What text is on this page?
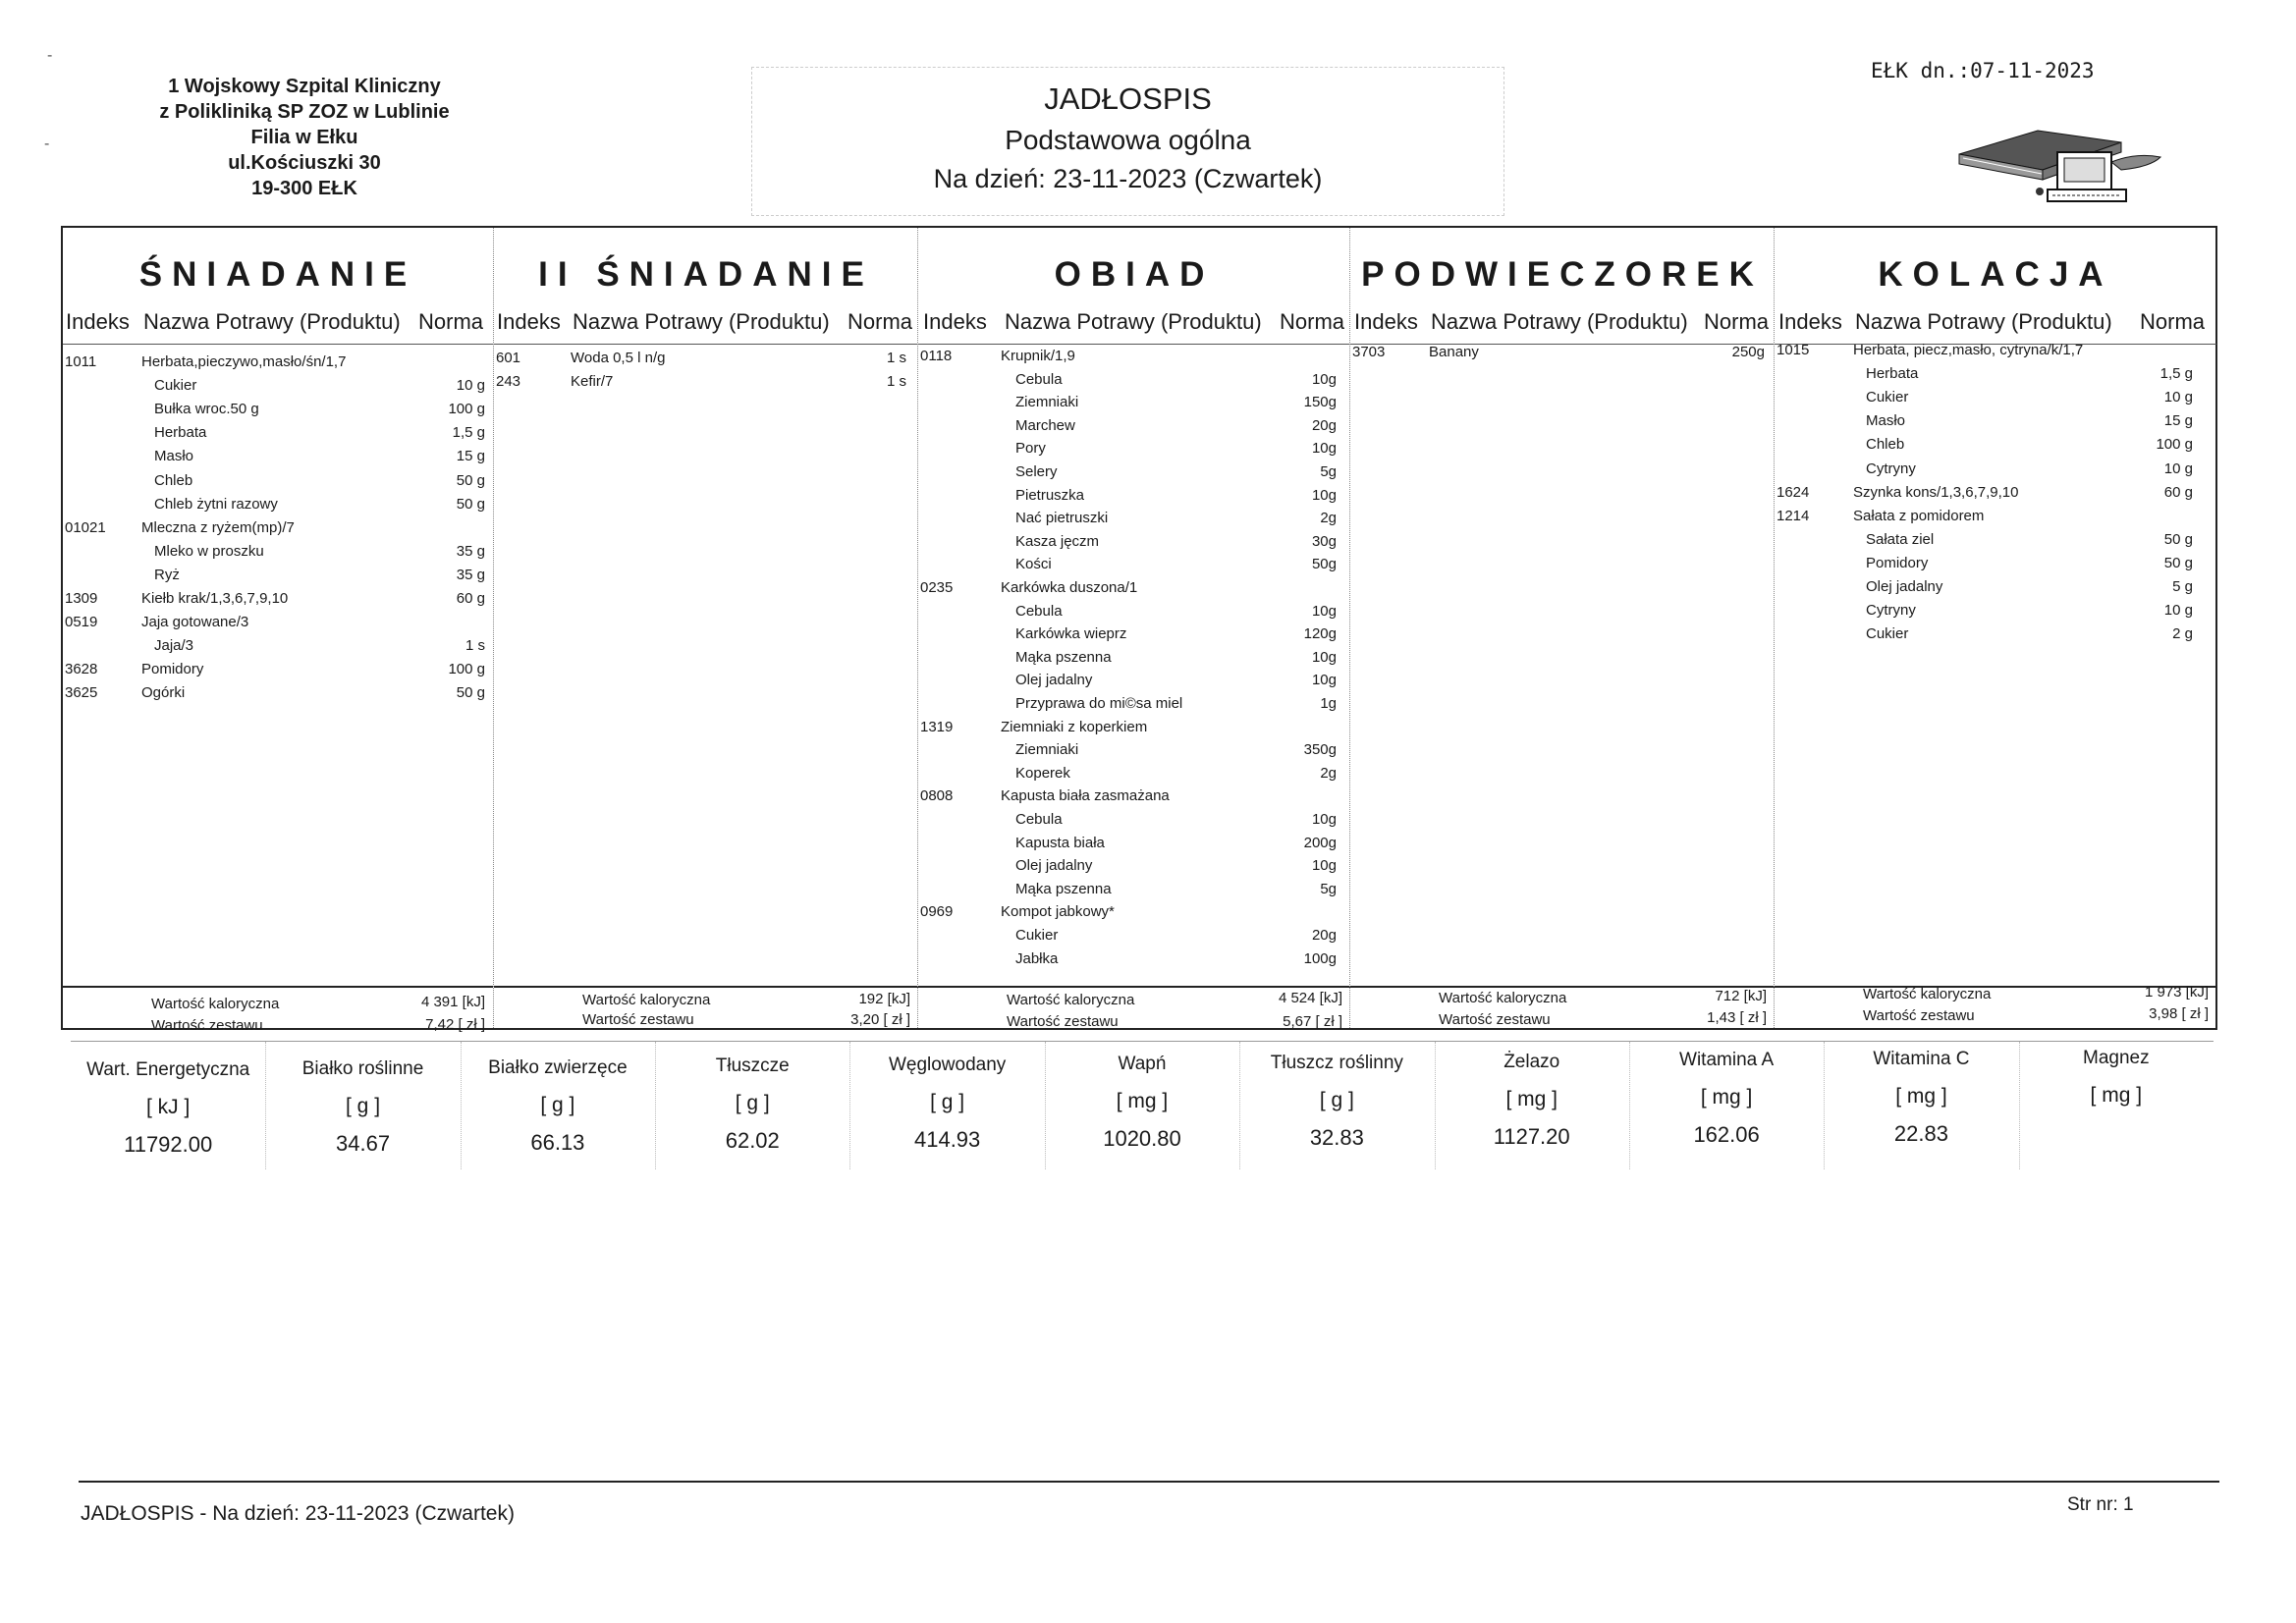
-
-
1 Wojskowy Szpital Kliniczny
z Polikliniką SP ZOZ w Lublinie
Filia w Ełku
ul.Kościuszki 30
19-300 EŁK
JADŁOSPIS
Podstawowa ogólna
Na dzień: 23-11-2023 (Czwartek)
EŁK dn.:07-11-2023
ŚNIADANIE
Indeks Nazwa Potrawy (Produktu) Norma
1011	Herbata,pieczywo,masło/śn/1,7
Cukier	10 g
Bułka wroc.50 g	100 g
Herbata	1,5 g
Masło	15 g
Chleb	50 g
Chleb żytni razowy	50 g
01021 Mleczna z ryżem(mp)/7
Mleko w proszku	35 g
Ryż	35 g
1309	Kiełb krak/1,3,6,7,9,10	60 g
0519	Jaja gotowane/3
Jaja/3	1 s
3628	Pomidory	100 g
3625	Ogórki	50 g
Wartość kaloryczna	4 391 [kJ]
Wartość zestawu	7,42 [ zł ]
II ŚNIADANIE
Indeks Nazwa Potrawy (Produktu) Norma
601	Woda 0,5 l n/g	1 s
243	Kefir/7	1 s
Wartość kaloryczna	192 [kJ]
Wartość zestawu	3,20 [ zł ]
OBIAD
Indeks Nazwa Potrawy (Produktu) Norma
0118	Krupnik/1,9
Cebula	10g
Ziemniaki	150g
Marchew	20g
Pory	10g
Selery	5g
Pietruszka	10g
Nać pietruszki	2g
Kasza jęczm	30g
Kości	50g
0235	Karkówka duszona/1
Cebula	10g
Karkówka wieprz	120g
Mąka pszenna	10g
Olej jadalny	10g
Przyprawa do mi©sa miel	1g
1319	Ziemniaki z koperkiem
Ziemniaki	350g
Koperek	2g
0808	Kapusta biała zasmażana
Cebula	10g
Kapusta biała	200g
Olej jadalny	10g
Mąka pszenna	5g
0969	Kompot jabkowy*
Cukier	20g
Jabłka	100g
Wartość kaloryczna	4 524 [kJ]
Wartość zestawu	5,67 [ zł ]
PODWIECZOREK
Indeks Nazwa Potrawy (Produktu) Norma
3703	Banany	250g
Wartość kaloryczna	712 [kJ]
Wartość zestawu	1,43 [ zł ]
KOLACJA
Indeks Nazwa Potrawy (Produktu) Norma
1015	Herbata, piecz,masło, cytryna/k/1,7
Herbata	1,5 g
Cukier	10 g
Masło	15 g
Chleb	100 g
Cytryny	10 g
1624	Szynka kons/1,3,6,7,9,10	60 g
1214	Sałata z pomidorem
Sałata ziel	50 g
Pomidory	50 g
Olej jadalny	5 g
Cytryny	10 g
Cukier	2 g
Wartość kaloryczna	1 973 [kJ]
Wartość zestawu	3,98 [ zł ]
Wart. Energetyczna
[ kJ ]
11792.00
Białko roślinne
[ g ]
34.67
Białko zwierzęce
[ g ]
66.13
Tłuszcze
[ g ]
62.02
Węglowodany
[ g ]
414.93
Wapń
[ mg ]
1020.80
Tłuszcz roślinny
[ g ]
32.83
Żelazo
[ mg ]
1127.20
Witamina A
[ mg ]
162.06
Witamina C
[ mg ]
22.83
Magnez
[ mg ]
JADŁOSPIS - Na dzień: 23-11-2023 (Czwartek)	Str nr: 1
